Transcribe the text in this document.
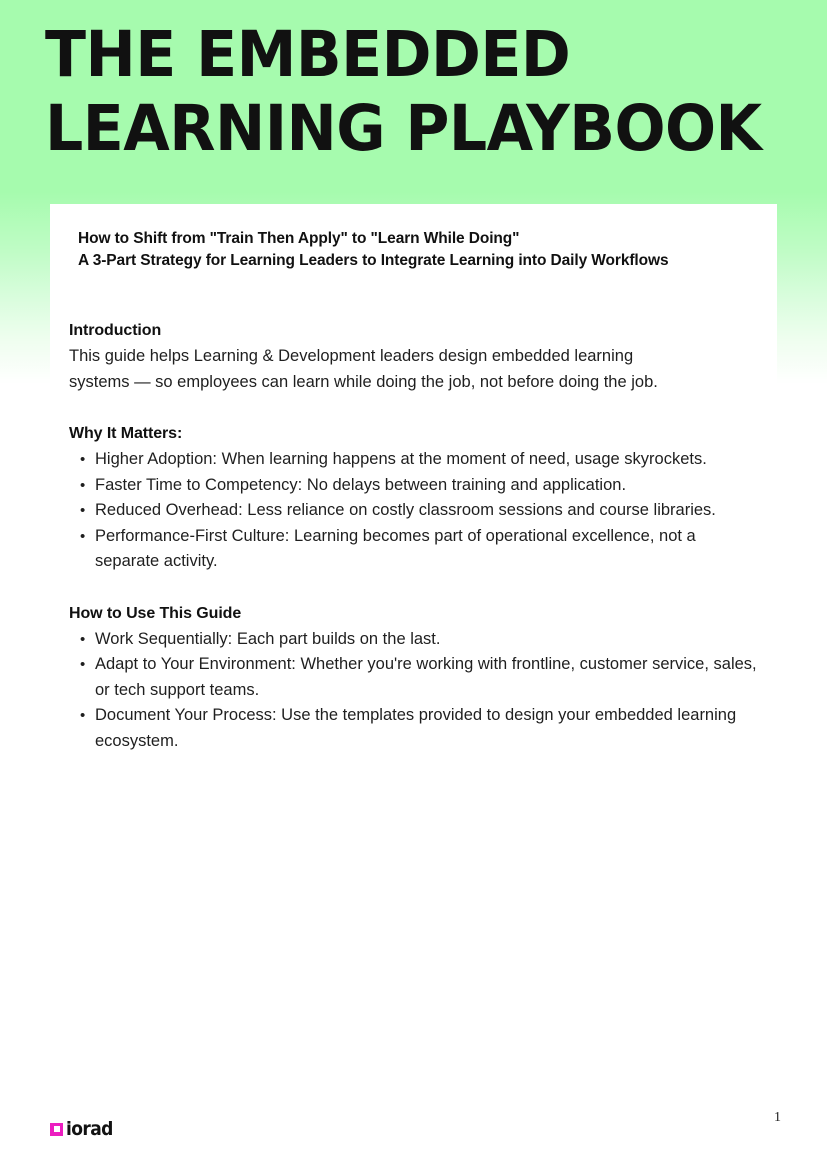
THE EMBEDDED
LEARNING PLAYBOOK
How to Shift from "Train Then Apply" to "Learn While Doing"
A 3-Part Strategy for Learning Leaders to Integrate Learning into Daily Workflows
Introduction

This guide helps Learning & Development leaders design embedded learning systems — so employees can learn while doing the job, not before doing the job.

Why It Matters:
• Higher Adoption: When learning happens at the moment of need, usage skyrockets.
• Faster Time to Competency: No delays between training and application.
• Reduced Overhead: Less reliance on costly classroom sessions and course libraries.
• Performance-First Culture: Learning becomes part of operational excellence, not a separate activity.
How to Use This Guide
• Work Sequentially: Each part builds on the last.
• Adapt to Your Environment: Whether you're working with frontline, customer service, sales, or tech support teams.
• Document Your Process: Use the templates provided to design your embedded learning ecosystem.
iorad
1
